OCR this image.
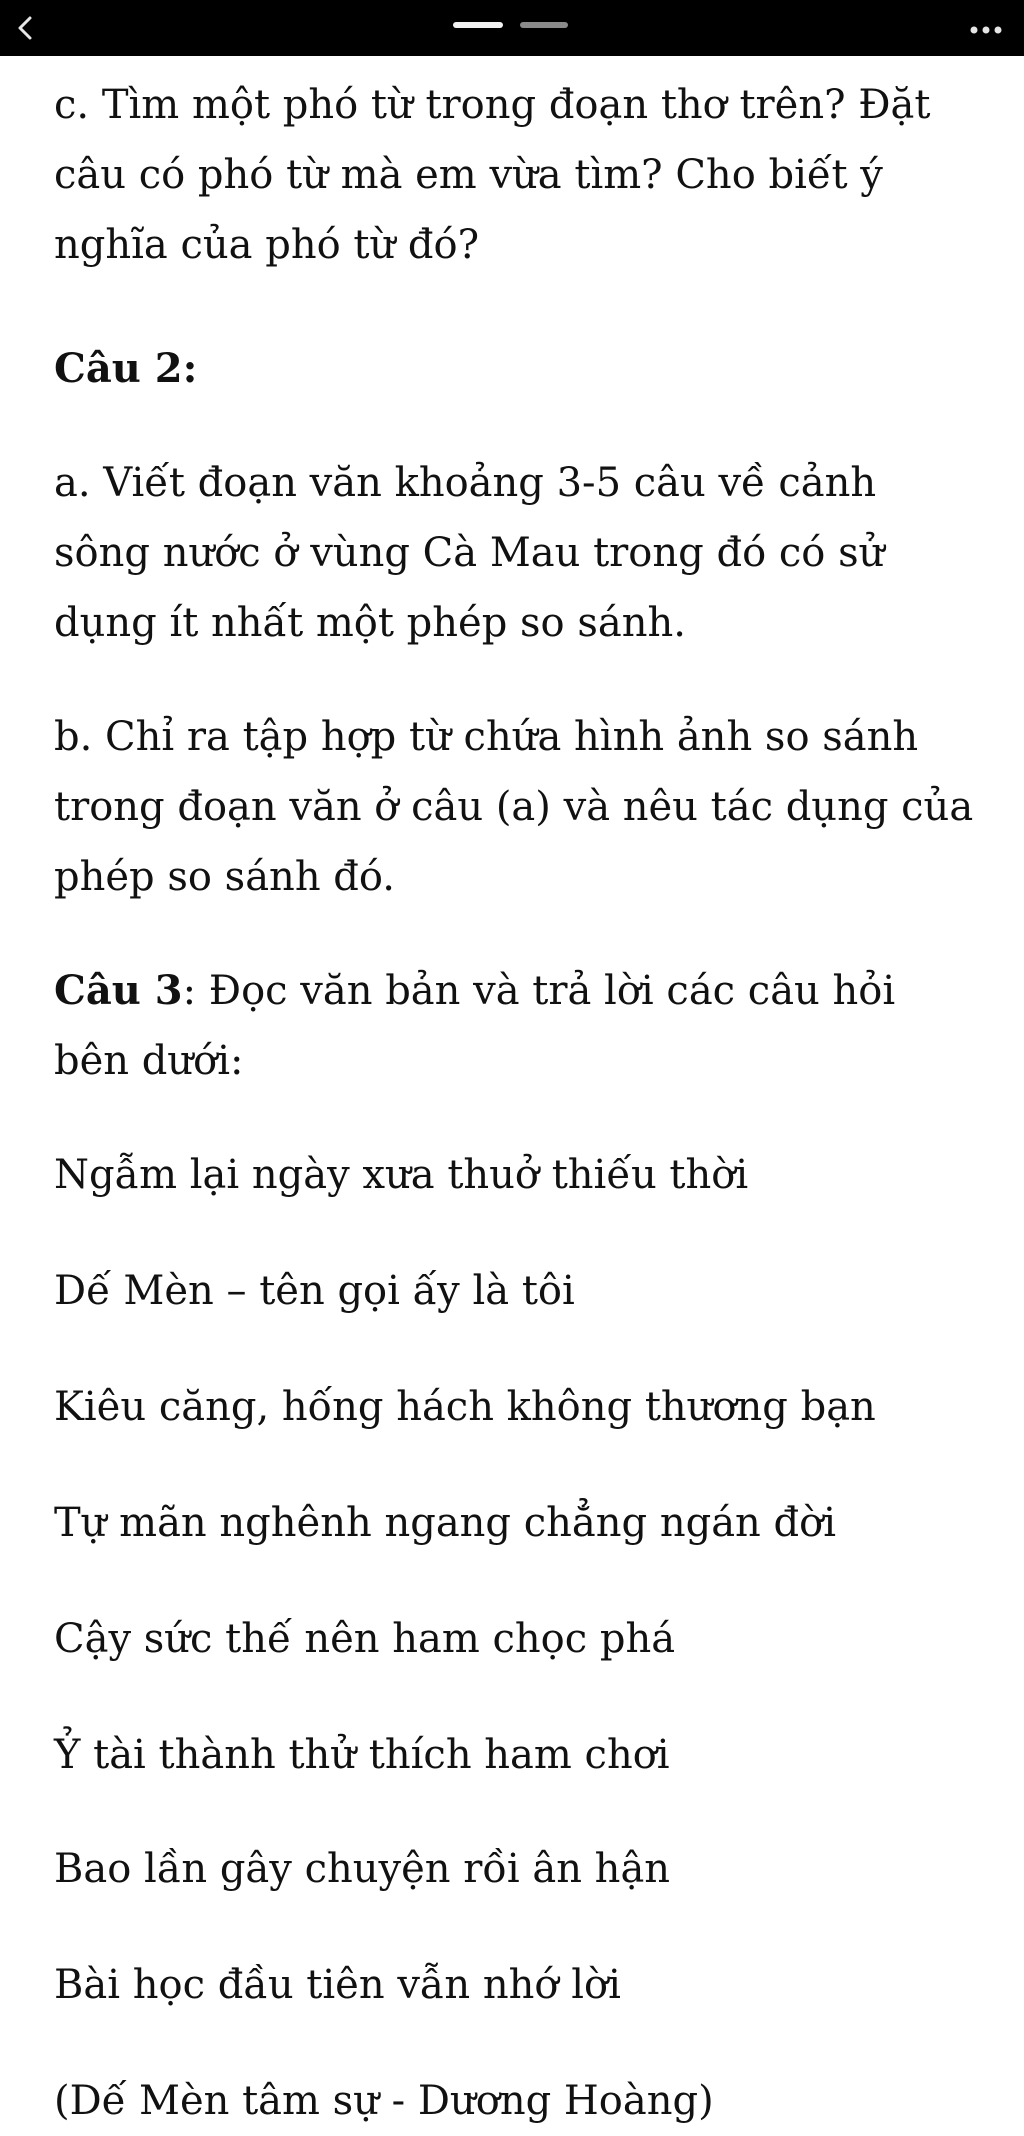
c. Tìm một phó từ trong đoạn thơ trên? Đặt câu có phó từ mà em vừa tìm? Cho biết ý nghĩa của phó từ đó?

Câu 2:

a. Viết đoạn văn khoảng 3-5 câu về cảnh sông nước ở vùng Cà Mau trong đó có sử dụng ít nhất một phép so sánh.

b. Chỉ ra tập hợp từ chứa hình ảnh so sánh trong đoạn văn ở câu (a) và nêu tác dụng của phép so sánh đó.

Câu 3: Đọc văn bản và trả lời các câu hỏi bên dưới:

Ngẫm lại ngày xưa thuở thiếu thời

Dế Mèn – tên gọi ấy là tôi

Kiêu căng, hống hách không thương bạn

Tự mãn nghênh ngang chẳng ngán đời

Cậy sức thế nên ham chọc phá

Ỷ tài thành thử thích ham chơi

Bao lần gây chuyện rồi ân hận

Bài học đầu tiên vẫn nhớ lời

(Dế Mèn tâm sự - Dương Hoàng)
